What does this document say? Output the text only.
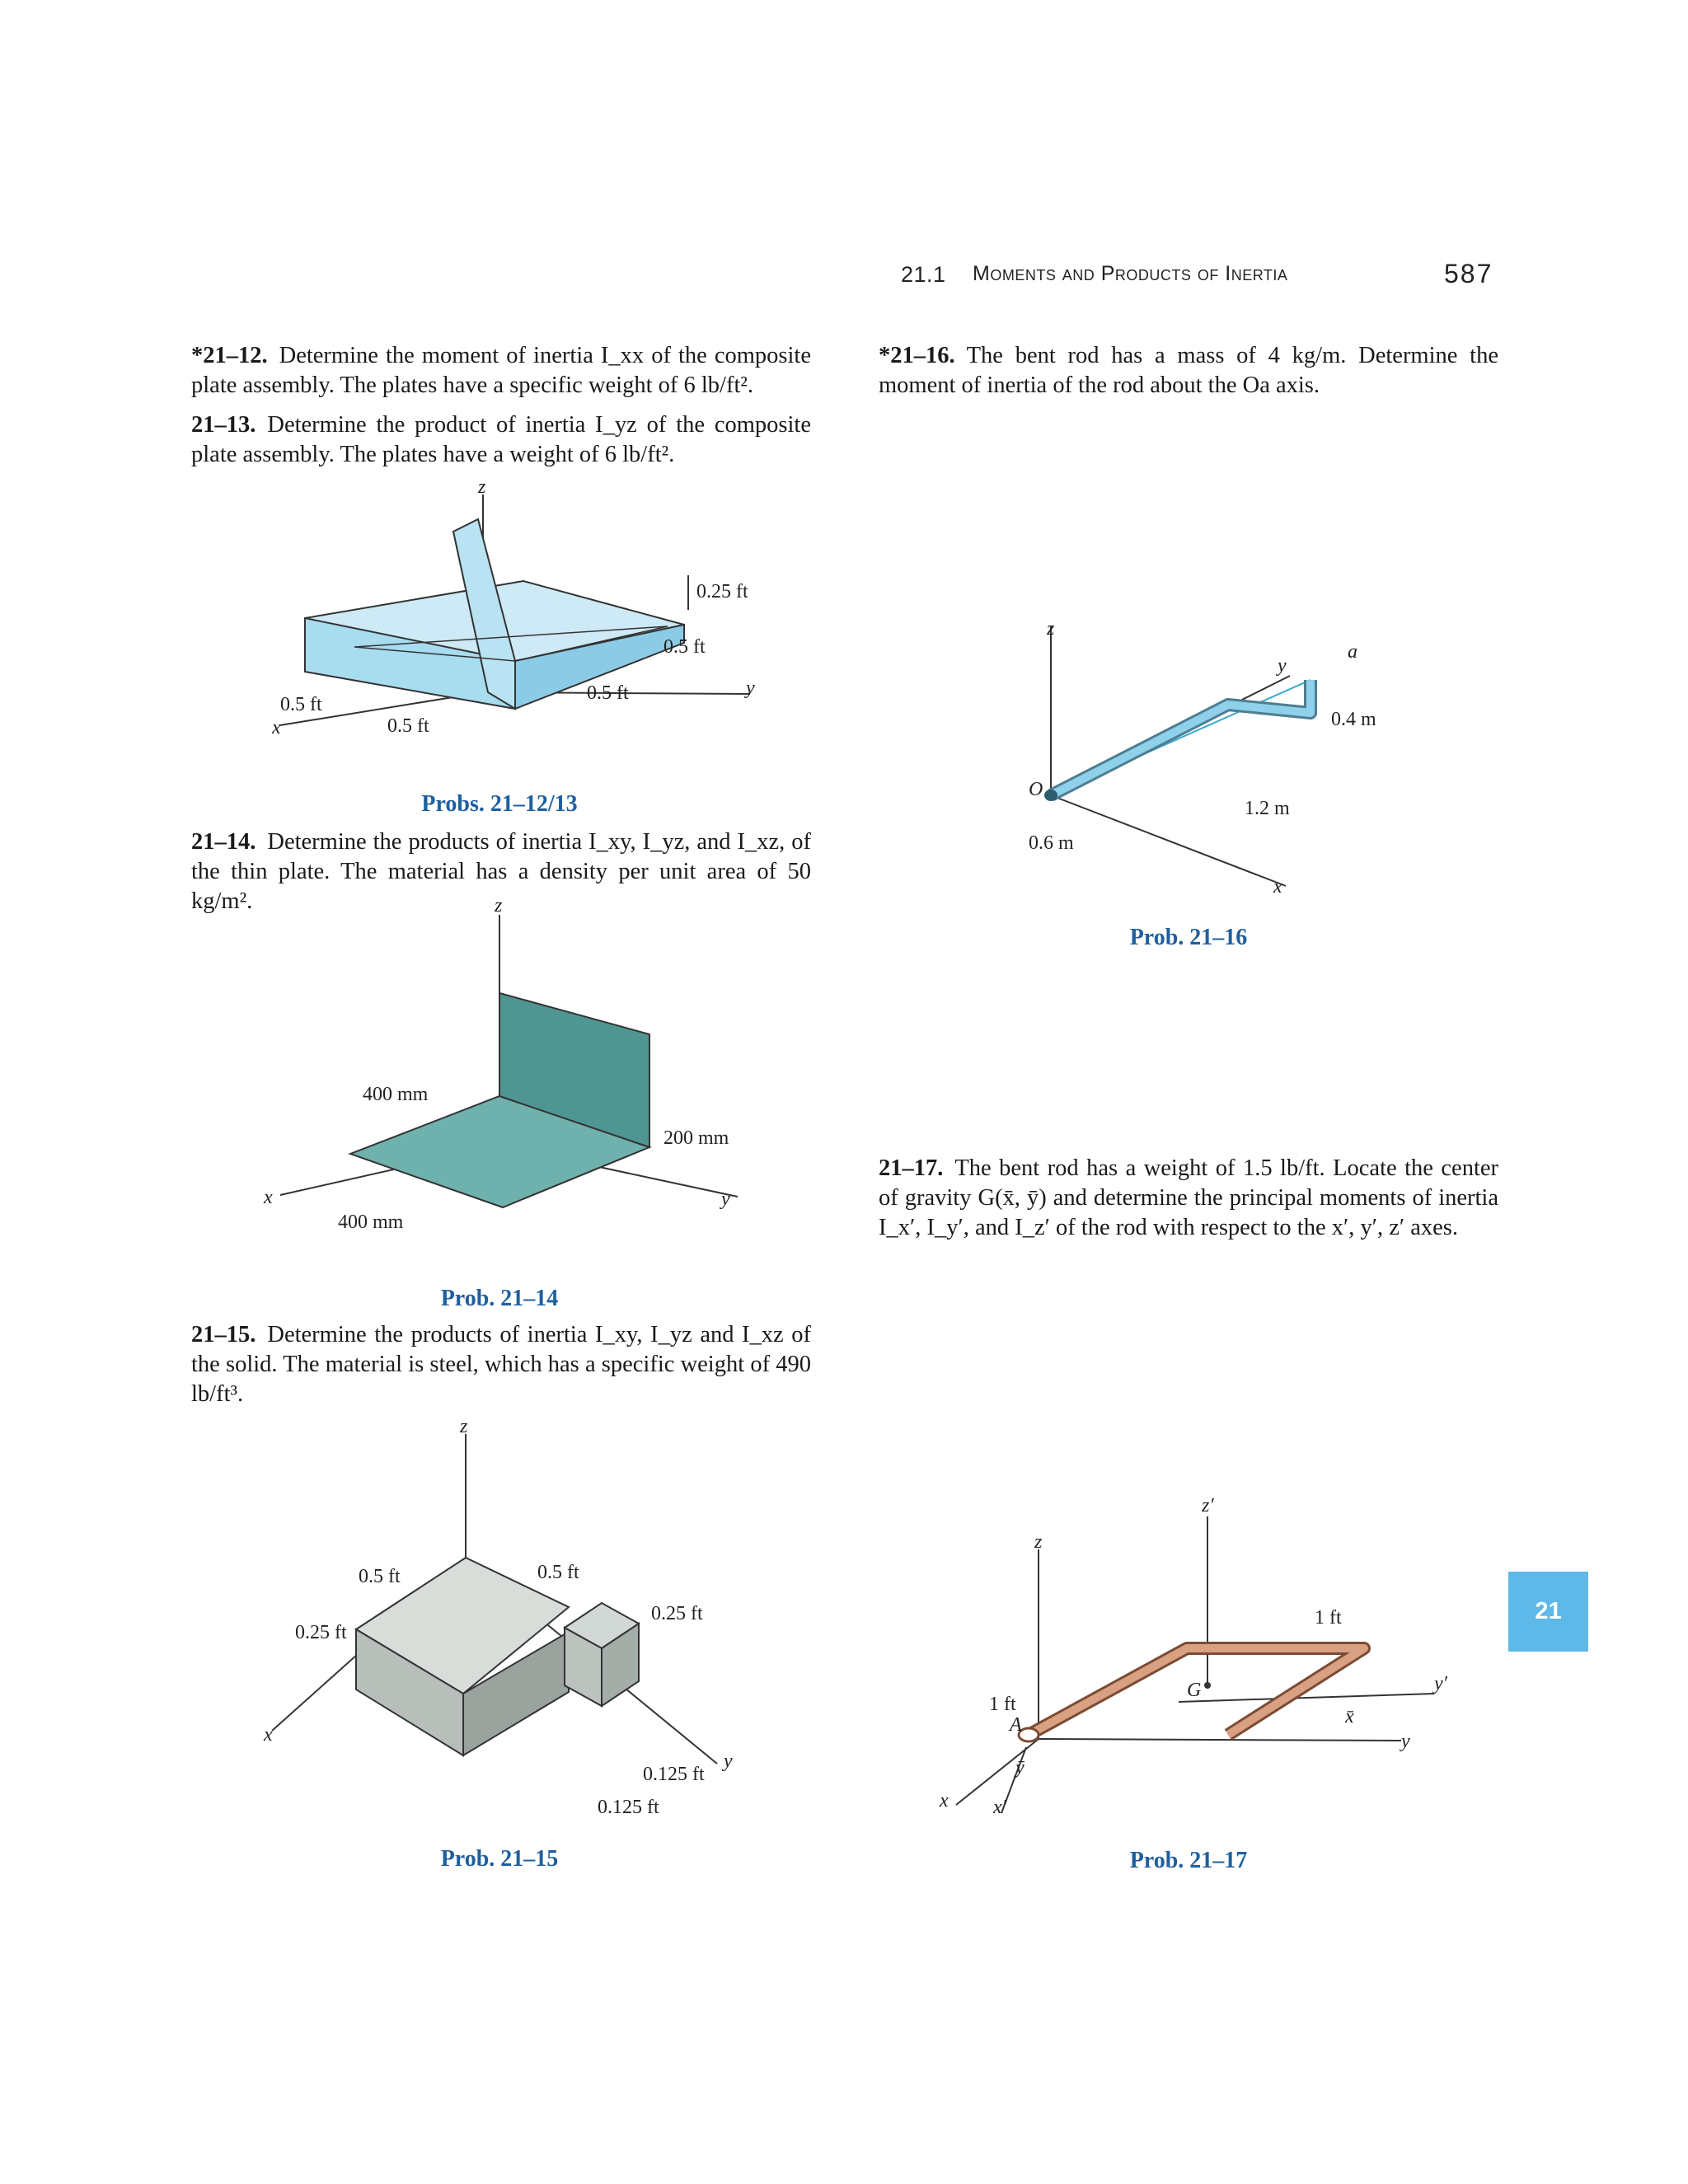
21.1 Moments and Products of Inertia	587
*21–12. Determine the moment of inertia I_xx of the composite plate assembly. The plates have a specific weight of 6 lb/ft².
21–13. Determine the product of inertia I_yz of the composite plate assembly. The plates have a weight of 6 lb/ft².
z
x
y
0.25 ft
0.5 ft
0.5 ft
0.5 ft
0.5 ft
Probs. 21–12/13
21–14. Determine the products of inertia I_xy, I_yz, and I_xz, of the thin plate. The material has a density per unit area of 50 kg/m².	z
x	y
400 mm
400 mm
200 mm
Prob. 21–14
21–15. Determine the products of inertia I_xy, I_yz and I_xz of the solid. The material is steel, which has a specific weight of 490 lb/ft³.
z
x
y
0.5 ft	0.5 ft
0.25 ft
0.25 ft
0.125 ft
0.125 ft
Prob. 21–15
*21–16. The bent rod has a mass of 4 kg/m. Determine the moment of inertia of the rod about the Oa axis.
z
y
a
x
O
0.4 m
1.2 m
0.6 m
Prob. 21–16
21–17. The bent rod has a weight of 1.5 lb/ft. Locate the center of gravity G(x̄, ȳ) and determine the principal moments of inertia I_x′, I_y′, and I_z′ of the rod with respect to the x′, y′, z′ axes.
z
z′
x x′
y
y′
G
A	x̄
ȳ
1 ft
1 ft
Prob. 21–17
21
